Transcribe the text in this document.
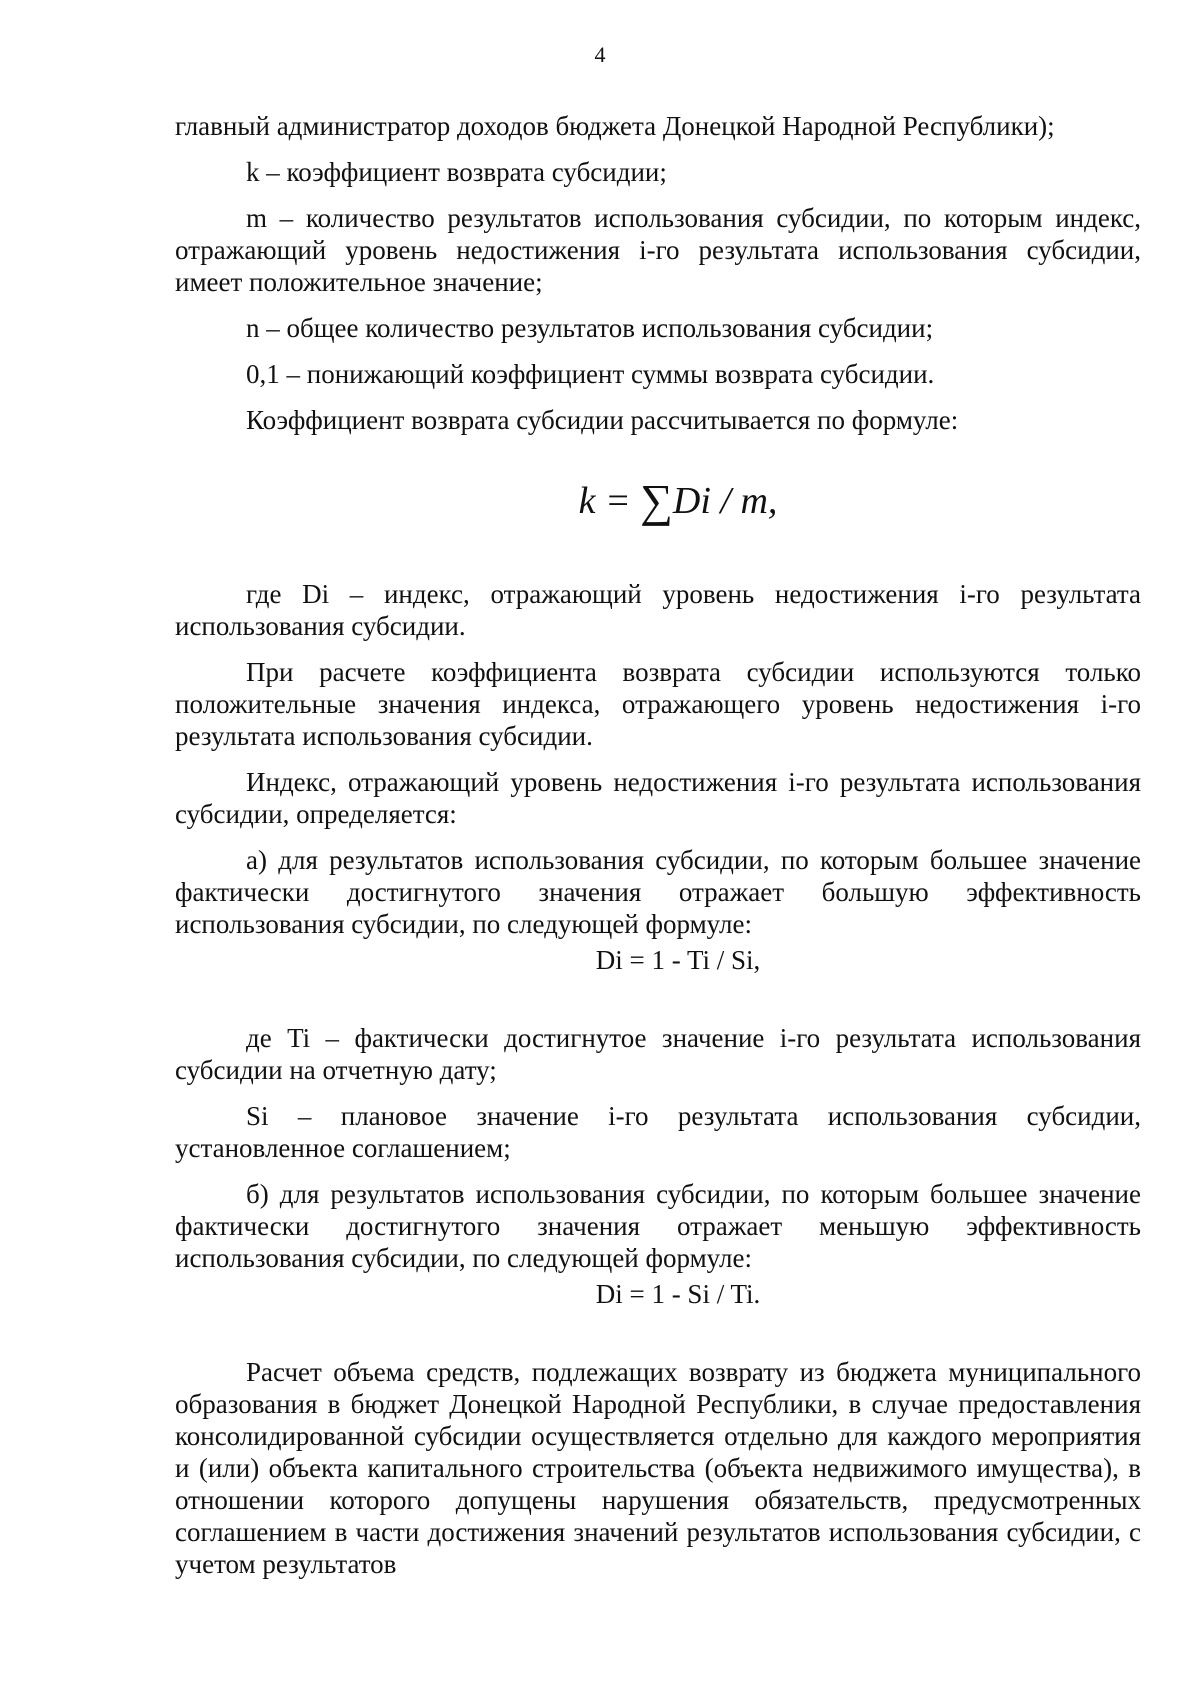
4

главный администратор доходов бюджета Донецкой Народной Республики);

k – коэффициент возврата субсидии;

m – количество результатов использования субсидии, по которым индекс, отражающий уровень недостижения i-го результата использования субсидии, имеет положительное значение;

n – общее количество результатов использования субсидии;

0,1 – понижающий коэффициент суммы возврата субсидии.

Коэффициент возврата субсидии рассчитывается по формуле:

k = ∑Di / m,

где Di – индекс, отражающий уровень недостижения i-го результата использования субсидии.

При расчете коэффициента возврата субсидии используются только положительные значения индекса, отражающего уровень недостижения i-го результата использования субсидии.

Индекс, отражающий уровень недостижения i-го результата использования субсидии, определяется:

а) для результатов использования субсидии, по которым большее значение фактически достигнутого значения отражает большую эффективность использования субсидии, по следующей формуле:

Di = 1 - Ti / Si,

де Ti – фактически достигнутое значение i-го результата использования субсидии на отчетную дату;

Si – плановое значение i-го результата использования субсидии, установленное соглашением;

б) для результатов использования субсидии, по которым большее значение фактически достигнутого значения отражает меньшую эффективность использования субсидии, по следующей формуле:

Di = 1 - Si / Ti.

Расчет объема средств, подлежащих возврату из бюджета муниципального образования в бюджет Донецкой Народной Республики, в случае предоставления консолидированной субсидии осуществляется отдельно для каждого мероприятия и (или) объекта капитального строительства (объекта недвижимого имущества), в отношении которого допущены нарушения обязательств, предусмотренных соглашением в части достижения значений результатов использования субсидии, с учетом результатов
